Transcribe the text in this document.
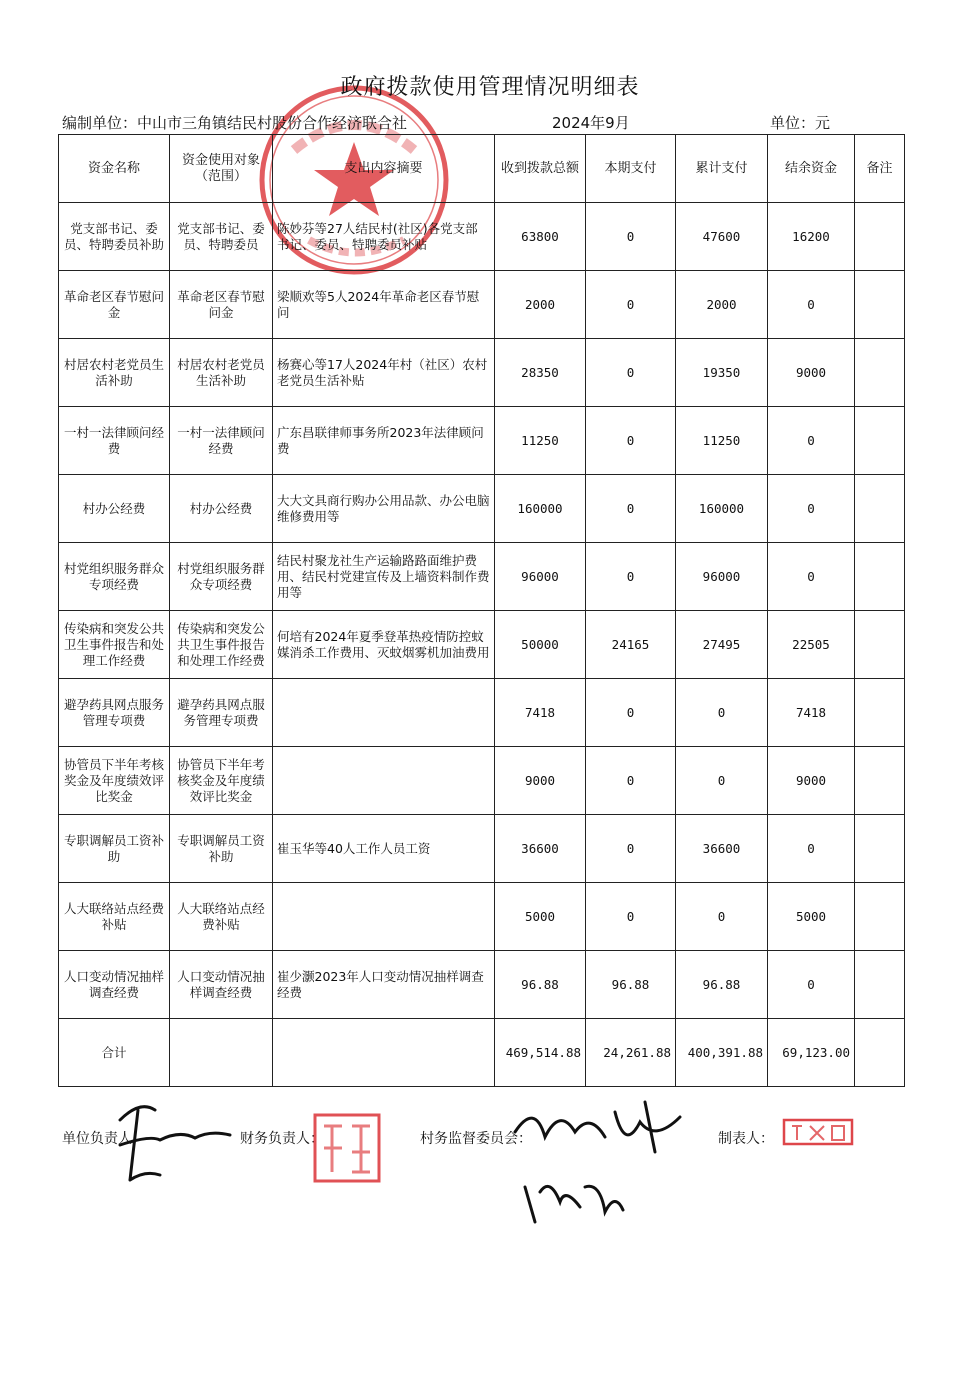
政府拨款使用管理情况明细表
编制单位：中山市三角镇结民村股份合作经济联合社	2024年9月	单位：元
资金名称	资金使用对象（范围）	支出内容摘要	收到拨款总额	本期支付	累计支付	结余资金	备注
党支部书记、委员、特聘委员补助	党支部书记、委员、特聘委员	陈妙芬等27人结民村(社区)各党支部书记、委员、特聘委员补贴	63800	0	47600	16200	
革命老区春节慰问金	革命老区春节慰问金	梁顺欢等5人2024年革命老区春节慰问	2000	0	2000	0	
村居农村老党员生活补助	村居农村老党员生活补助	杨赛心等17人2024年村（社区）农村老党员生活补贴	28350	0	19350	9000	
一村一法律顾问经费	一村一法律顾问经费	广东昌联律师事务所2023年法律顾问费	11250	0	11250	0	
村办公经费	村办公经费	大大文具商行购办公用品款、办公电脑维修费用等	160000	0	160000	0	
村党组织服务群众专项经费	村党组织服务群众专项经费	结民村聚龙社生产运输路路面维护费用、结民村党建宣传及上墙资料制作费用等	96000	0	96000	0	
传染病和突发公共卫生事件报告和处理工作经费	传染病和突发公共卫生事件报告和处理工作经费	何培有2024年夏季登革热疫情防控蚊媒消杀工作费用、灭蚊烟雾机加油费用	50000	24165	27495	22505	
避孕药具网点服务管理专项费	避孕药具网点服务管理专项费		7418	0	0	7418	
协管员下半年考核奖金及年度绩效评比奖金	协管员下半年考核奖金及年度绩效评比奖金		9000	0	0	9000	
专职调解员工资补助	专职调解员工资补助	崔玉华等40人工作人员工资	36600	0	36600	0	
人大联络站点经费补贴	人大联络站点经费补贴		5000	0	0	5000	
人口变动情况抽样调查经费	人口变动情况抽样调查经费	崔少灏2023年人口变动情况抽样调查经费	96.88	96.88	96.88	0	
合计			469,514.88	24,261.88	400,391.88	69,123.00	
单位负责人：	财务负责人：	村务监督委员会：	制表人：
